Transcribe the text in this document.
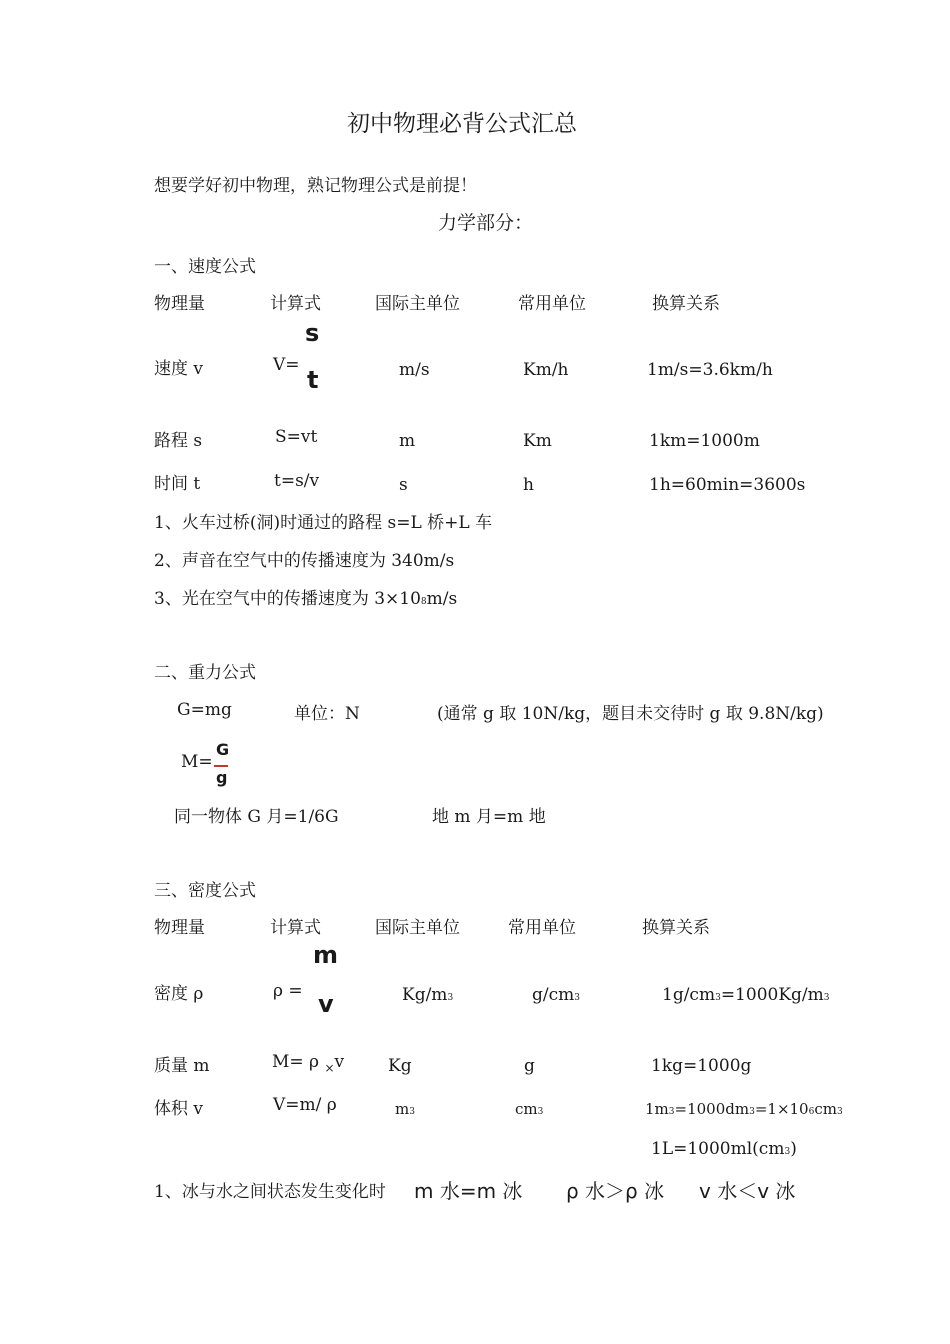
初中物理必背公式汇总
想要学好初中物理，熟记物理公式是前提！
力学部分：
一、速度公式
物理量	计算式	国际主单位	常用单位	换算关系
速度 v	V=
s
t	m/s	Km/h	1m/s=3.6km/h
路程 s	S=vt	m	Km	1km=1000m
时间 t	t=s/v	s	h	1h=60min=3600s
1、火车过桥(洞)时通过的路程 s=L 桥+L 车
2、声音在空气中的传播速度为 340m/s
3、光在空气中的传播速度为 3×108m/s
二、重力公式
G=mg	单位：N	(通常 g 取 10N/kg，题目未交待时 g 取 9.8N/kg)
M=
G
g
同一物体 G 月=1/6G	地 m 月=m 地
三、密度公式
物理量	计算式	国际主单位	常用单位	换算关系
密度 ρ	ρ =
m
v	Kg/m3	g/cm3	1g/cm3=1000Kg/m3
质量 m	M= ρ $_\times$v	Kg	g	1kg=1000g
体积 v	V=m/ ρ	m3	cm3	1m3=1000dm3=1×106cm3
1L=1000ml(cm3)
1、冰与水之间状态发生变化时 m 水=m 冰 ρ 水＞ρ 冰 v 水＜v 冰
